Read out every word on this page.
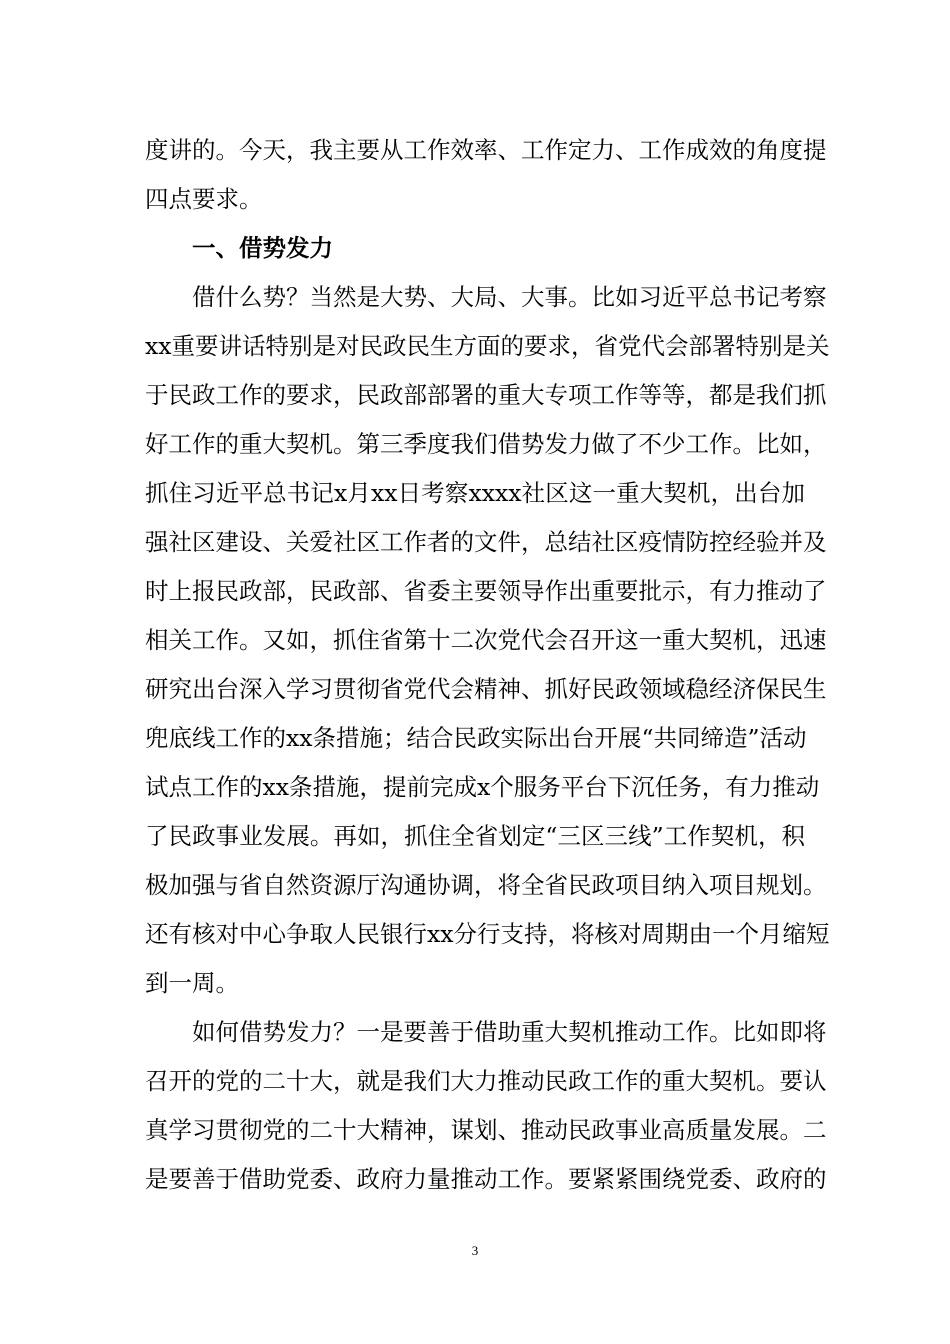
度讲的。今天，我主要从工作效率、工作定力、工作成效的角度提
四点要求。
一、借势发力
借什么势？当然是大势、大局、大事。比如习近平总书记考察
xx重要讲话特别是对民政民生方面的要求，省党代会部署特别是关
于民政工作的要求，民政部部署的重大专项工作等等，都是我们抓
好工作的重大契机。第三季度我们借势发力做了不少工作。比如，
抓住习近平总书记x月xx日考察xxxx社区这一重大契机，出台加
强社区建设、关爱社区工作者的文件，总结社区疫情防控经验并及
时上报民政部，民政部、省委主要领导作出重要批示，有力推动了
相关工作。又如，抓住省第十二次党代会召开这一重大契机，迅速
研究出台深入学习贯彻省党代会精神、抓好民政领域稳经济保民生
兜底线工作的xx条措施；结合民政实际出台开展“共同缔造”活动
试点工作的xx条措施，提前完成x个服务平台下沉任务，有力推动
了民政事业发展。再如，抓住全省划定“三区三线”工作契机，积
极加强与省自然资源厅沟通协调，将全省民政项目纳入项目规划。
还有核对中心争取人民银行xx分行支持，将核对周期由一个月缩短
到一周。
如何借势发力？一是要善于借助重大契机推动工作。比如即将
召开的党的二十大，就是我们大力推动民政工作的重大契机。要认
真学习贯彻党的二十大精神，谋划、推动民政事业高质量发展。二
是要善于借助党委、政府力量推动工作。要紧紧围绕党委、政府的
3
